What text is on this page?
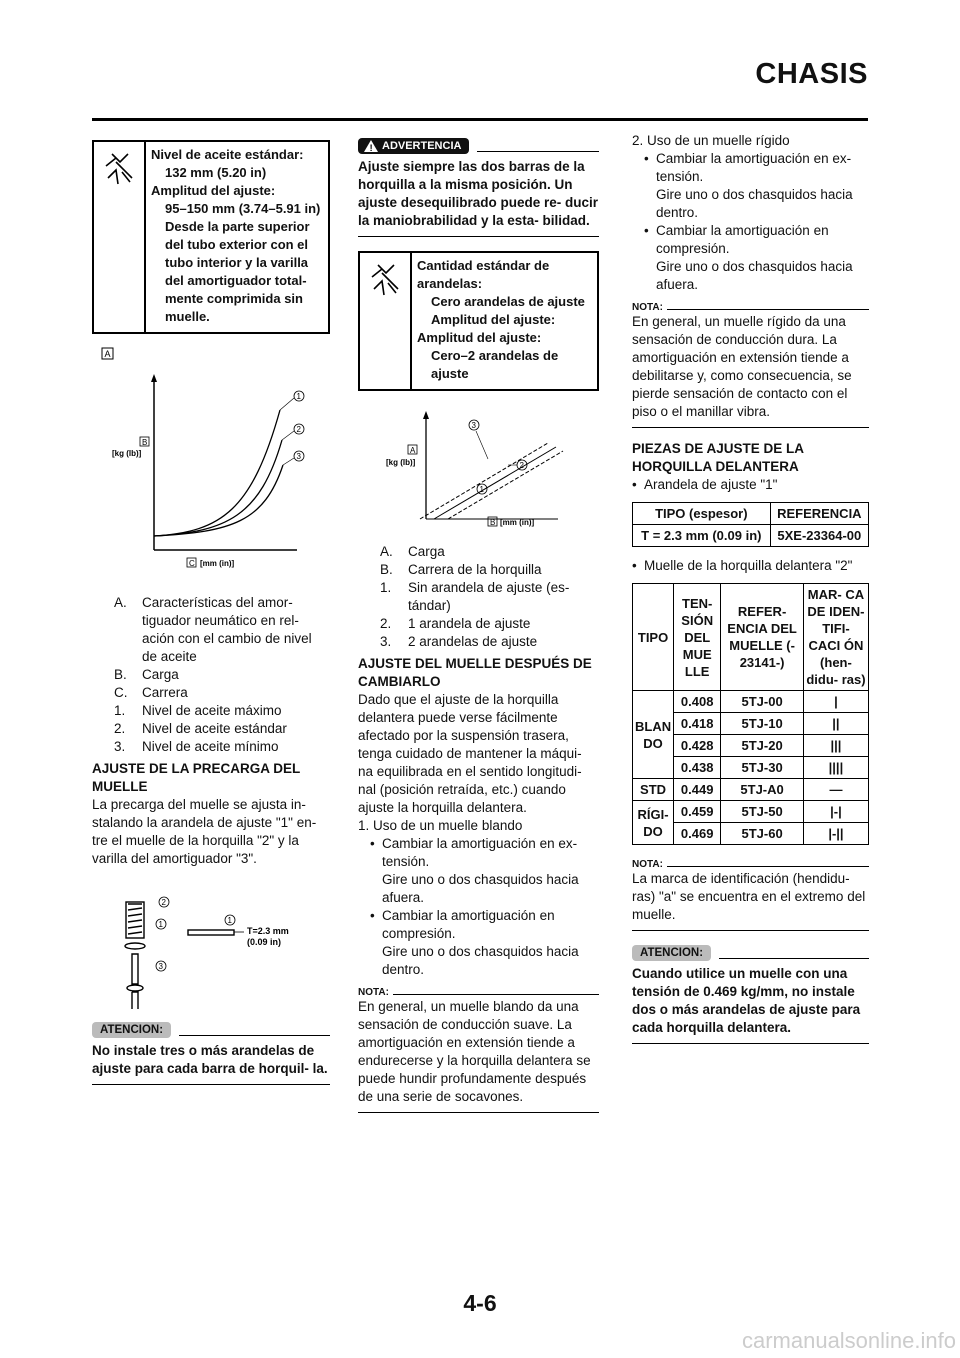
CHASIS

Nivel de aceite estándar:

132 mm (5.20 in)

Amplitud del ajuste:

95–150 mm (3.74–5.91 in)

Desde la parte superior del tubo exterior con el tubo interior y la varilla del amortiguador total- mente comprimida sin muelle.

A
1
2
3
B
[kg (lb)]
C [mm (in)]
A.	Características del amor- tiguador neumático en rel- ación con el cambio de nivel de aceite
B.	Carga
C.	Carrera
1.	Nivel de aceite máximo
2.	Nivel de aceite estándar
3.	Nivel de aceite mínimo
AJUSTE DE LA PRECARGA DEL MUELLE

La precarga del muelle se ajusta in- stalando la arandela de ajuste "1" en- tre el muelle de la horquilla "2" y la varilla del amortiguador "3".

2
1
3
1
T=2.3 mm
(0.09 in)
ATENCION:

No instale tres o más arandelas de ajuste para cada barra de horquil- la.

! ADVERTENCIA

Ajuste siempre las dos barras de la horquilla a la misma posición. Un ajuste desequilibrado puede re- ducir la maniobrabilidad y la esta- bilidad.

Cantidad estándar de arandelas:

Cero arandelas de ajuste Amplitud del ajuste:

Amplitud del ajuste:

Cero–2 arandelas de ajuste

3
2
1
A
[kg (lb)]
B [mm (in)]
A.	Carga
B.	Carrera de la horquilla
1.	Sin arandela de ajuste (es- tándar)
2.	1 arandela de ajuste
3.	2 arandelas de ajuste
AJUSTE DEL MUELLE DESPUÉS DE CAMBIARLO

Dado que el ajuste de la horquilla delantera puede verse fácilmente afectado por la suspensión trasera, tenga cuidado de mantener la máqui- na equilibrada en el sentido longitudi- nal (posición retraída, etc.) cuando ajuste la horquilla delantera.

1. Uso de un muelle blando

• Cambiar la amortiguación en ex- tensión.

Gire uno o dos chasquidos hacia afuera.

• Cambiar la amortiguación en compresión.

Gire uno o dos chasquidos hacia dentro.

NOTA:

En general, un muelle blando da una sensación de conducción suave. La amortiguación en extensión tiende a endurecerse y la horquilla delantera se puede hundir profundamente después de una serie de socavones.

2. Uso de un muelle rígido

• Cambiar la amortiguación en ex- tensión.

Gire uno o dos chasquidos hacia dentro.

• Cambiar la amortiguación en compresión.

Gire uno o dos chasquidos hacia afuera.

NOTA:

En general, un muelle rígido da una sensación de conducción dura. La amortiguación en extensión tiende a debilitarse y, como consecuencia, se pierde sensación de contacto con el piso o el manillar vibra.

PIEZAS DE AJUSTE DE LA HORQUILLA DELANTERA
• Arandela de ajuste "1"
TIPO (espesor)	REFERENCIA
T = 2.3 mm (0.09 in)	5XE-23364-00
• Muelle de la horquilla delantera "2"
TIPO	TEN- SIÓN DEL MUE LLE	REFER- ENCIA DEL MUELLE (- 23141-)	MAR- CA DE IDEN- TIFI- CACI ÓN (hen- didu- ras)
BLAN DO	0.408	5TJ-00	|
	0.418	5TJ-10	||
	0.428	5TJ-20	|||
	0.438	5TJ-30	||||
STD	0.449	5TJ-A0	—
RÍGI- DO	0.459	5TJ-50	|-|
	0.469	5TJ-60	|-||
NOTA:

La marca de identificación (hendidu- ras) "a" se encuentra en el extremo del muelle.

ATENCION:

Cuando utilice un muelle con una tensión de 0.469 kg/mm, no instale dos o más arandelas de ajuste para cada horquilla delantera.

4-6
carmanualsonline.info
